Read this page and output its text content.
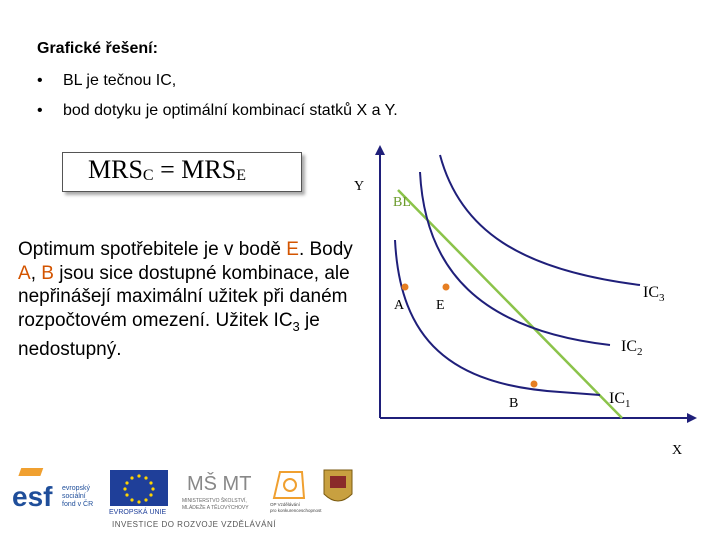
Grafické řešení:
• BL je tečnou IC,
• bod dotyku je optimální kombinací statků X a Y.
$MRS_C = MRS_E$
Optimum spotřebitele je v bodě E. Body A, B jsou sice dostupné kombinace, ale nepřinášejí maximální užitek při daném rozpočtovém omezení. Užitek $IC_3$ je nedostupný.
Y
X
BL
A E
B
$IC_3$
$IC_2$
$IC_1$
esf evropský
sociální
fond v ČR
EVROPSKÁ UNIE
MŠ MT
MINISTERSTVO ŠKOLSTVÍ,
MLÁDEŽE A TĚLOVÝCHOVY
OP Vzdělávání
pro konkurenceschopnost
INVESTICE DO ROZVOJE VZDĚLÁVÁNÍ
